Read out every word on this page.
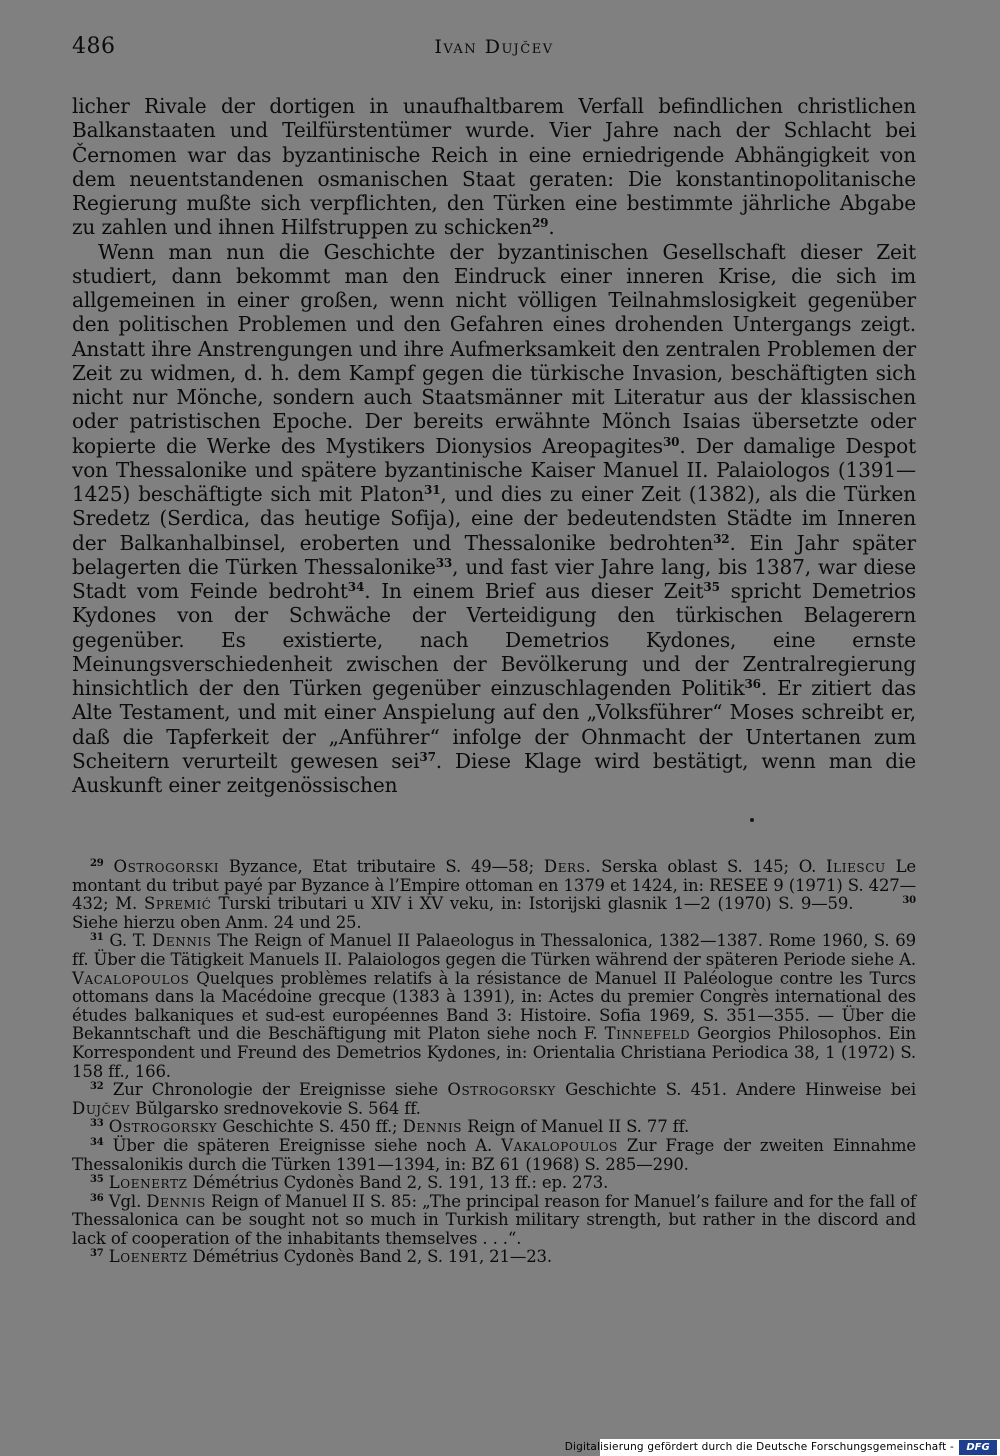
486	Ivan Dujčev

licher Rivale der dortigen in unaufhaltbarem Verfall befindlichen christlichen Balkanstaaten und Teilfürstentümer wurde. Vier Jahre nach der Schlacht bei Černomen war das byzantinische Reich in eine erniedrigende Abhängigkeit von dem neuentstandenen osmanischen Staat geraten: Die konstantinopolitanische Regierung mußte sich verpflichten, den Türken eine bestimmte jährliche Abgabe zu zahlen und ihnen Hilfstruppen zu schicken$^{29}$.

Wenn man nun die Geschichte der byzantinischen Gesellschaft dieser Zeit studiert, dann bekommt man den Eindruck einer inneren Krise, die sich im allgemeinen in einer großen, wenn nicht völligen Teilnahmslosigkeit gegenüber den politischen Problemen und den Gefahren eines drohenden Untergangs zeigt. Anstatt ihre Anstrengungen und ihre Aufmerksamkeit den zentralen Problemen der Zeit zu widmen, d. h. dem Kampf gegen die türkische Invasion, beschäftigten sich nicht nur Mönche, sondern auch Staatsmänner mit Literatur aus der klassischen oder patristischen Epoche. Der bereits erwähnte Mönch Isaias übersetzte oder kopierte die Werke des Mystikers Dionysios Areopagites$^{30}$. Der damalige Despot von Thessalonike und spätere byzantinische Kaiser Manuel II. Palaiologos (1391—1425) beschäftigte sich mit Platon$^{31}$, und dies zu einer Zeit (1382), als die Türken Sredetz (Serdica, das heutige Sofija), eine der bedeutendsten Städte im Inneren der Balkanhalbinsel, eroberten und Thessalonike bedrohten$^{32}$. Ein Jahr später belagerten die Türken Thessalonike$^{33}$, und fast vier Jahre lang, bis 1387, war diese Stadt vom Feinde bedroht$^{34}$. In einem Brief aus dieser Zeit$^{35}$ spricht Demetrios Kydones von der Schwäche der Verteidigung den türkischen Belagerern gegenüber. Es existierte, nach Demetrios Kydones, eine ernste Meinungsverschiedenheit zwischen der Bevölkerung und der Zentralregierung hinsichtlich der den Türken gegenüber einzuschlagenden Politik$^{36}$. Er zitiert das Alte Testament, und mit einer Anspielung auf den „Volksführer“ Moses schreibt er, daß die Tapferkeit der „Anführer“ infolge der Ohnmacht der Untertanen zum Scheitern verurteilt gewesen sei$^{37}$. Diese Klage wird bestätigt, wenn man die Auskunft einer zeitgenössischen

$^{29}$ Ostrogorski Byzance, Etat tributaire S. 49—58; Ders. Serska oblast S. 145; O. Iliescu Le montant du tribut payé par Byzance à l’Empire ottoman en 1379 et 1424, in: RESEE 9 (1971) S. 427—432; M. Spremić Turski tributari u XIV i XV veku, in: Istorijski glasnik 1—2 (1970) S. 9—59.   	$^{30}$ Siehe hierzu oben Anm. 24 und 25.

$^{31}$ G. T. Dennis The Reign of Manuel II Palaeologus in Thessalonica, 1382—1387. Rome 1960, S. 69 ff. Über die Tätigkeit Manuels II. Palaiologos gegen die Türken während der späteren Periode siehe A. Vacalopoulos Quelques problèmes relatifs à la résistance de Manuel II Paléologue contre les Turcs ottomans dans la Macédoine grecque (1383 à 1391), in: Actes du premier Congrès international des études balkaniques et sud-est européennes Band 3: Histoire. Sofia 1969, S. 351—355. — Über die Bekanntschaft und die Beschäftigung mit Platon siehe noch F. Tinnefeld Georgios Philosophos. Ein Korrespondent und Freund des Demetrios Kydones, in: Orientalia Christiana Periodica 38, 1 (1972) S. 158 ff., 166.

$^{32}$ Zur Chronologie der Ereignisse siehe Ostrogorsky Geschichte S. 451. Andere Hinweise bei Dujčev Bŭlgarsko srednovekovie S. 564 ff.

$^{33}$ Ostrogorsky Geschichte S. 450 ff.; Dennis Reign of Manuel II S. 77 ff.

$^{34}$ Über die späteren Ereignisse siehe noch A. Vakalopoulos Zur Frage der zweiten Einnahme Thessalonikis durch die Türken 1391—1394, in: BZ 61 (1968) S. 285—290.

$^{35}$ Loenertz Démétrius Cydonès Band 2, S. 191, 13 ff.: ep. 273.

$^{36}$ Vgl. Dennis Reign of Manuel II S. 85: „The principal reason for Manuel’s failure and for the fall of Thessalonica can be sought not so much in Turkish military strength, but rather in the discord and lack of cooperation of the inhabitants themselves . . .“.

$^{37}$ Loenertz Démétrius Cydonès Band 2, S. 191, 21—23.

Digitalisierung gefördert durch die Deutsche Forschungsgemeinschaft -	DFG
